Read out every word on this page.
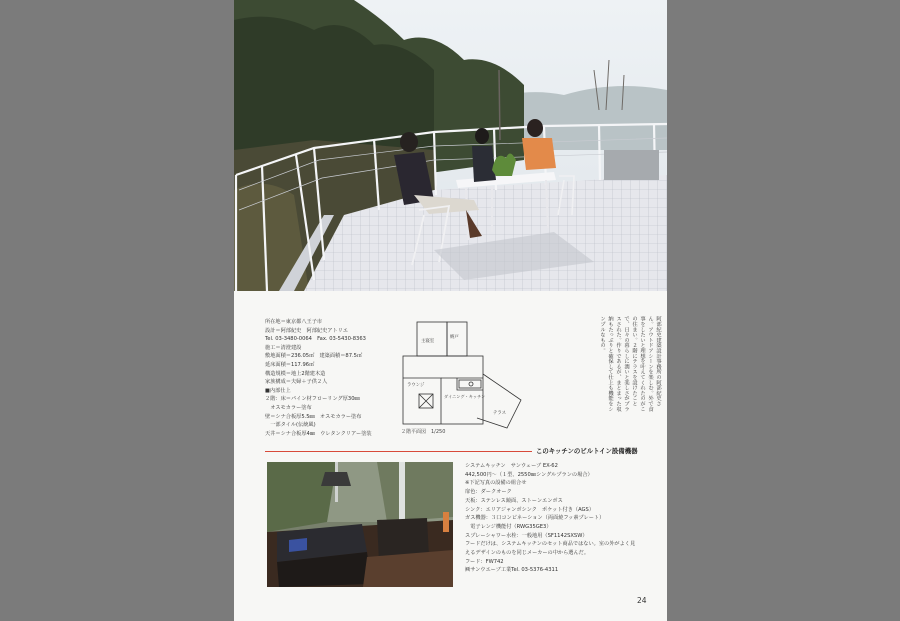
所在地＝東京都八王子市
設計＝阿部紀史　阿部紀史アトリエ
Tel. 03-3480-0064　Fax. 03-5430-8363
施工＝清澄建設
敷地面積＝236.05㎡　建築面積＝87.5㎡
延床面積＝117.96㎡
構造規模＝地上2階建木造
家族構成＝夫婦＋子供２人
■内部仕上
２階：床＝パイン材フローリング厚30㎜
　オスモカラー塗布
壁＝シナ合板厚5.5㎜　オスモカラー塗布
　一部タイル(伝統風)
天井＝シナ合板厚4㎜　ウレタンクリアー塗装
主寝室
納戸
ラウンジ
ダイニング・キッチン
テラス
２階平面図　1/250
阿部紀史建築設計事務所の阿部紀史さん。アウトドアシーンを楽しむ。外で食事をしたいと理想を叶えてくれたのがこの住まい。２階にテラスを設けたことで、日々の暮らしに潤いと楽しさがプラスされた。作りであるが、まとまった収納もたっぷりと確保して仕上も機能をシンプルなもの。
このキッチンのビルトイン設備機器
システムキッチン　サンウェーブ EX-62
442,500円～（１型、2550㎜シングルプランの場合）
※下記写真の設備の組合せ
扉色：ダークオーク
天板：ステンレス鏡面、ストーンエンボス
シンク：エリアジャンボシンク　ポケット付き（AGS）
ガス機器：３口コンビネーション（両面焼フッ素プレート）
　電子レンジ機能付（RWG35GE3）
スプレーシャワー水栓：一般地用（SF1142SXSW）
フードだけは、システムキッチンのセット商品ではない。室の外がよく見
えるデザインのものを同じメーカーの中から選んだ。
フード：FW742
㈱サンウエーブ工業Tel. 03-5376-4311
24
